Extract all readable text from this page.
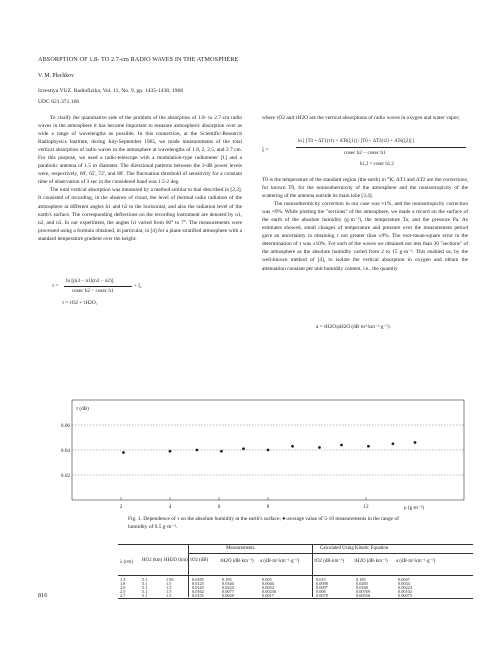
ABSORPTION OF 1.8- TO 2.7-cm RADIO WAVES IN THE ATMOSPHERE
V. M. Plechkov
Izvestiya VUZ. Radiofizika, Vol. 11, No. 9, pp. 1435-1438, 1968
UDC 621.371.166

To clarify the quantitative side of the problem of the absorption of 1.8- to 2.7-cm radio waves in the atmosphere it has become important to measure atmospheric absorption over as wide a range of wavelengths as possible. In this connection, at the Scientific-Research Radiophysics Institute, during July-September 1965, we made measurements of the total vertical absorption of radio waves in the atmosphere at wavelengths of 1.8, 2, 2.5, and 2.7 cm. For this purpose, we used a radio-telescope with a modulation-type radiometer [1] and a parabolic antenna of 1.5 m diameter. The directional patterns between the 3-dB power levels were, respectively, 60', 65', 72', and 80'. The fluctuation threshold of sensitivity for a constant time of observation of 3 sec in the considered band was 1.5-2 deg.

The total vertical absorption was measured by a method similar to that described in [2,3]. It consisted of recording, in the absence of cloud, the level of thermal radio radiation of the atmosphere at different angles h1 and h2 to the horizontal, and also the radiation level of the earth's surface. The corresponding deflections on the recording instrument are denoted by n1, n2, and n3. In our experiment, the angles h1 varied from 60° to 7°. The measurements were processed using a formula obtained, in particular, in [4] for a plane stratified atmosphere with a standard temperature gradient over the height:

τ =
ln [(n3 − n1)(n3 − n2)]
cosec h2 − cosec h1
+ ξ,
τ = τO2 + τH2O,

where τO2 and τH2O are the vertical absorptions of radio waves in oxygen and water vapor;

ξ =
ln [ [T0 + ΔT1(τ1) + ΔTs(ξ1)] / [T0 + ΔT2(τ2) + ΔTs(ξ2)] ]
cosec h2 − cosec h1
h1,2 = cosec h1,2

T0 is the temperature of the standard region (the earth) in °K; ΔT1 and ΔT2 are the corrections, for known T0, for the nonisothermicity of the atmosphere and the nonisotropicity of the scattering of the antenna outside its main lobe [3,4].

The nonisothermicity correction in our case was ≈1%, and the nonisotropicity correction was ≈9%. While plotting the "sections" of the atmosphere, we made a record on the surface of the earth of the absolute humidity (g·m⁻³), the temperature Ta, and the pressure Pa. As estimates showed, small changes of temperature and pressure over the measurement period gave an uncertainty in obtaining τ not greater than ±9%. The root-mean-square error in the determination of τ was ±10%. For each of the waves we obtained not less than 30 "sections" of the atmosphere as the absolute humidity varied from 2 to 15 g·m⁻³. This enabled us, by the well-known method of [4], to isolate the vertical absorption in oxygen and obtain the attenuation constant per unit humidity content, i.e., the quantity

a = τH2O/ρH2O (dB·m³·km⁻¹·g⁻¹).
0.02
0.04
0.06
2	4	6	8	12
τ (dB)
ρ (g·m⁻³)
Fig. 1. Dependence of τ on the absolute humidity at the earth's surface; ●-average value of 5-10 measurements in the range of humidity of 0.5 g·m⁻³.
Measurements	Calculated Using Kinetic Equation
λ (cm)	HO2 (km) HH2O (km) τO2 (dB)	τH2O (dB·km⁻¹)	a (dB·m³·km⁻¹·g⁻¹)	τO2 (dB·km⁻¹)	τH2O (dB·km⁻¹)	a (dB·m³·km⁻¹·g⁻¹)
1.3	5.1	1.95	0.0185	0.195	0.005	0.015	0.185	0.0047
1.8	5.1	1.5	0.0125	0.0346	0.0046	0.0098	0.0283	0.0034
2.0	5.1	1.5	0.0145	0.0224	0.0034	0.0097	0.0168	0.00224
2.5	5.1	1.5	0.0162	0.0077	0.00236	0.008	0.00769	0.00102
2.7	5.1	1.5	0.0155	0.0028	0.0017	0.0078	0.00556	0.00075
816
